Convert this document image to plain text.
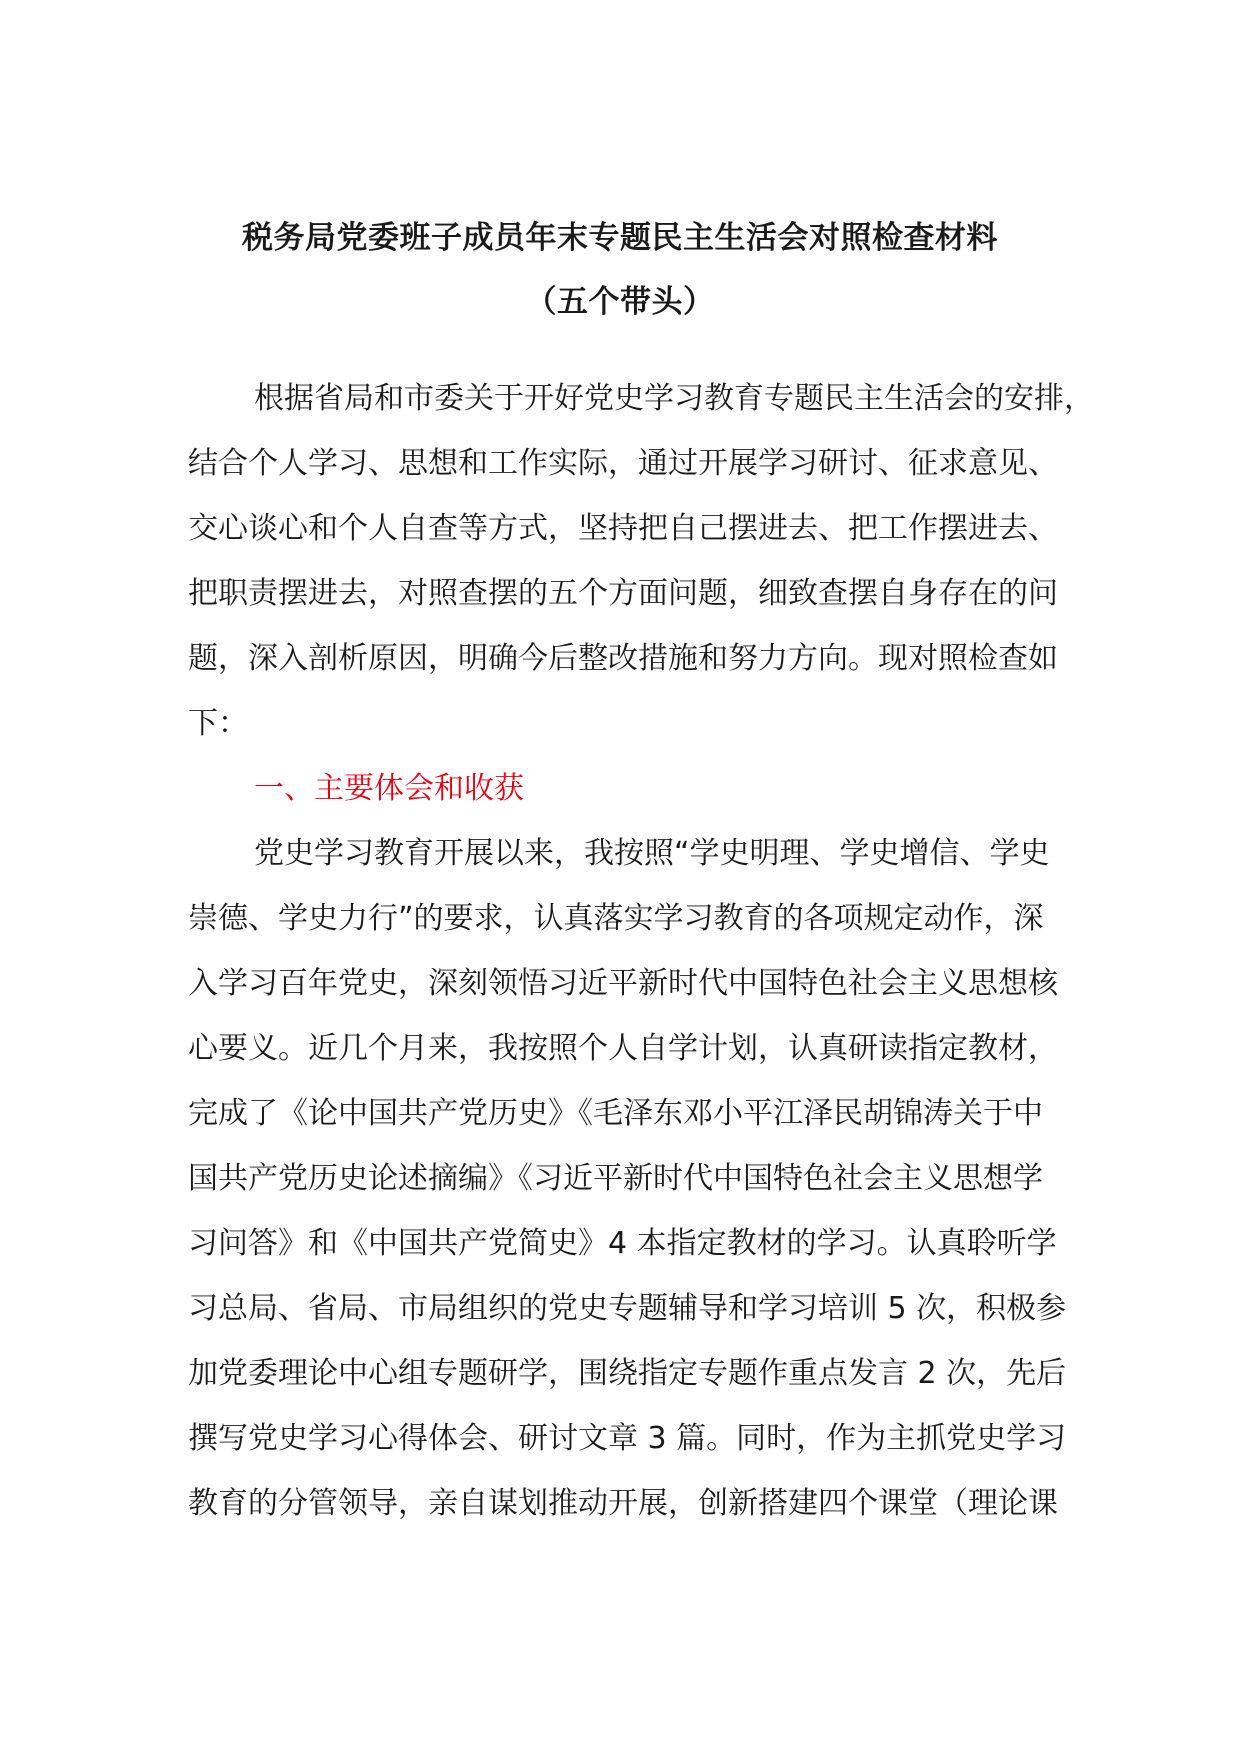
税务局党委班子成员年末专题民主生活会对照检查材料
（五个带头）
根据省局和市委关于开好党史学习教育专题民主生活会的安排，
结合个人学习、思想和工作实际，通过开展学习研讨、征求意见、
交心谈心和个人自查等方式，坚持把自己摆进去、把工作摆进去、
把职责摆进去，对照查摆的五个方面问题，细致查摆自身存在的问
题，深入剖析原因，明确今后整改措施和努力方向。现对照检查如
下：
一、主要体会和收获
党史学习教育开展以来，我按照“学史明理、学史增信、学史
崇德、学史力行”的要求，认真落实学习教育的各项规定动作，深
入学习百年党史，深刻领悟习近平新时代中国特色社会主义思想核
心要义。近几个月来，我按照个人自学计划，认真研读指定教材，
完成了《论中国共产党历史》《毛泽东邓小平江泽民胡锦涛关于中
国共产党历史论述摘编》《习近平新时代中国特色社会主义思想学
习问答》和《中国共产党简史》4 本指定教材的学习。认真聆听学
习总局、省局、市局组织的党史专题辅导和学习培训 5 次，积极参
加党委理论中心组专题研学，围绕指定专题作重点发言 2 次，先后
撰写党史学习心得体会、研讨文章 3 篇。同时，作为主抓党史学习
教育的分管领导，亲自谋划推动开展，创新搭建四个课堂（理论课
